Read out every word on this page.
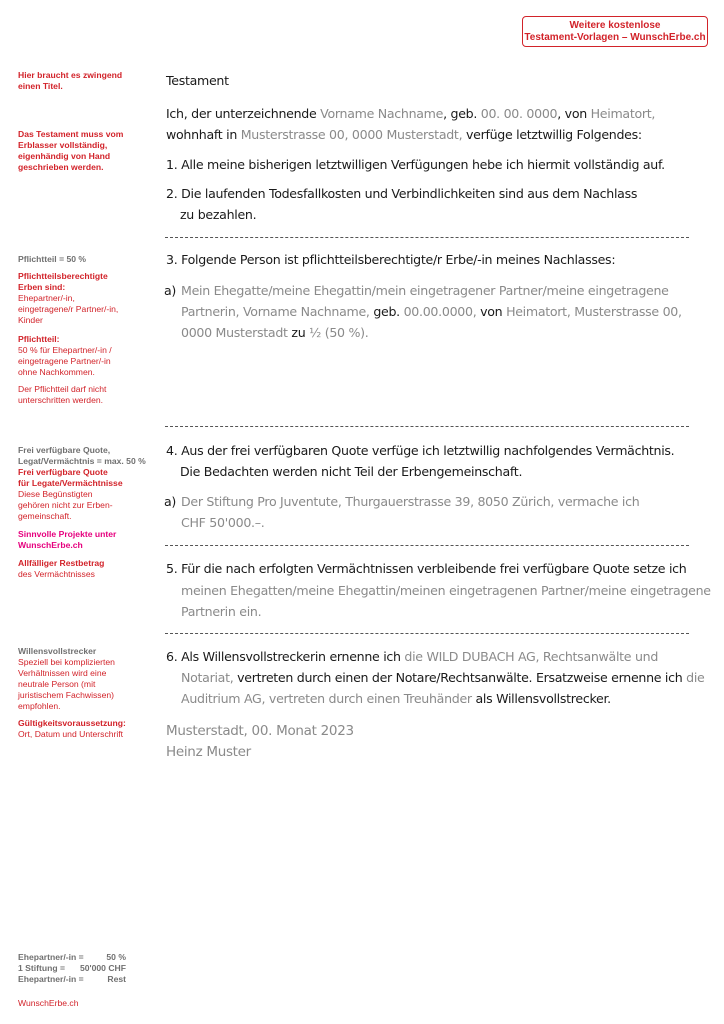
Weitere kostenlose
Testament-Vorlagen – WunschErbe.ch
Hier braucht es zwingend
einen Titel.
Das Testament muss vom
Erblasser vollständig,
eigenhändig von Hand
geschrieben werden.

Pflichtteil = 50 %

Pflichtteilsberechtigte
Erben sind:
Ehepartner/-in,
eingetragene/r Partner/-in,
Kinder

Pflichtteil:
50 % für Ehepartner/-in /
eingetragene Partner/-in
ohne Nachkommen.

Der Pflichtteil darf nicht
unterschritten werden.

Frei verfügbare Quote,
Legat/Vermächtnis = max. 50 %
Frei verfügbare Quote
für Legate/Vermächtnisse
Diese Begünstigten
gehören nicht zur Erben-
gemeinschaft.
Sinnvolle Projekte unter
WunschErbe.ch
Allfälliger Restbetrag
des Vermächtnisses
Willensvollstrecker
Speziell bei komplizierten
Verhältnissen wird eine
neutrale Person (mit
juristischem Fachwissen)
empfohlen.
Gültigkeitsvoraussetzung:
Ort, Datum und Unterschrift
Ehepartner/-in =	50 %
1 Stiftung =	50'000 CHF
Ehepartner/-in =	Rest
WunschErbe.ch
Testament
Ich, der unterzeichnende Vorname Nachname, geb. 00. 00. 0000, von Heimatort,
wohnhaft in Musterstrasse 00, 0000 Musterstadt, verfüge letztwillig Folgendes:
1. Alle meine bisherigen letztwilligen Verfügungen hebe ich hiermit vollständig auf.
2. Die laufenden Todesfallkosten und Verbindlichkeiten sind aus dem Nachlass
zu bezahlen.
3. Folgende Person ist pflichtteilsberechtigte/r Erbe/-in meines Nachlasses:
a) Mein Ehegatte/meine Ehegattin/mein eingetragener Partner/meine eingetragene
Partnerin, Vorname Nachname, geb. 00.00.0000, von Heimatort, Musterstrasse 00,
0000 Musterstadt zu ½ (50 %).
4. Aus der frei verfügbaren Quote verfüge ich letztwillig nachfolgendes Vermächtnis.
Die Bedachten werden nicht Teil der Erbengemeinschaft.
a) Der Stiftung Pro Juventute, Thurgauerstrasse 39, 8050 Zürich, vermache ich
CHF 50'000.–.
5. Für die nach erfolgten Vermächtnissen verbleibende frei verfügbare Quote setze ich
meinen Ehegatten/meine Ehegattin/meinen eingetragenen Partner/meine eingetragene
Partnerin ein.
6. Als Willensvollstreckerin ernenne ich die WILD DUBACH AG, Rechtsanwälte und
Notariat, vertreten durch einen der Notare/Rechtsanwälte. Ersatzweise ernenne ich die
Auditrium AG, vertreten durch einen Treuhänder als Willensvollstrecker.
Musterstadt, 00. Monat 2023
Heinz Muster
